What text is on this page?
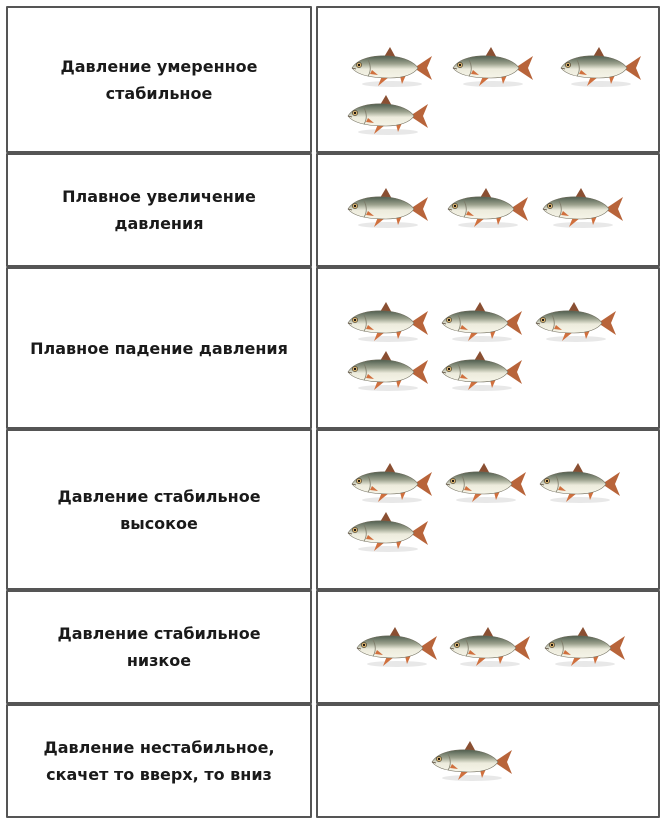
Давление умеренное
стабильное
Плавное увеличение давления
Плавное падение давления
Давление стабильное
высокое
Давление стабильное
низкое
Давление нестабильное,
скачет то вверх, то вниз
